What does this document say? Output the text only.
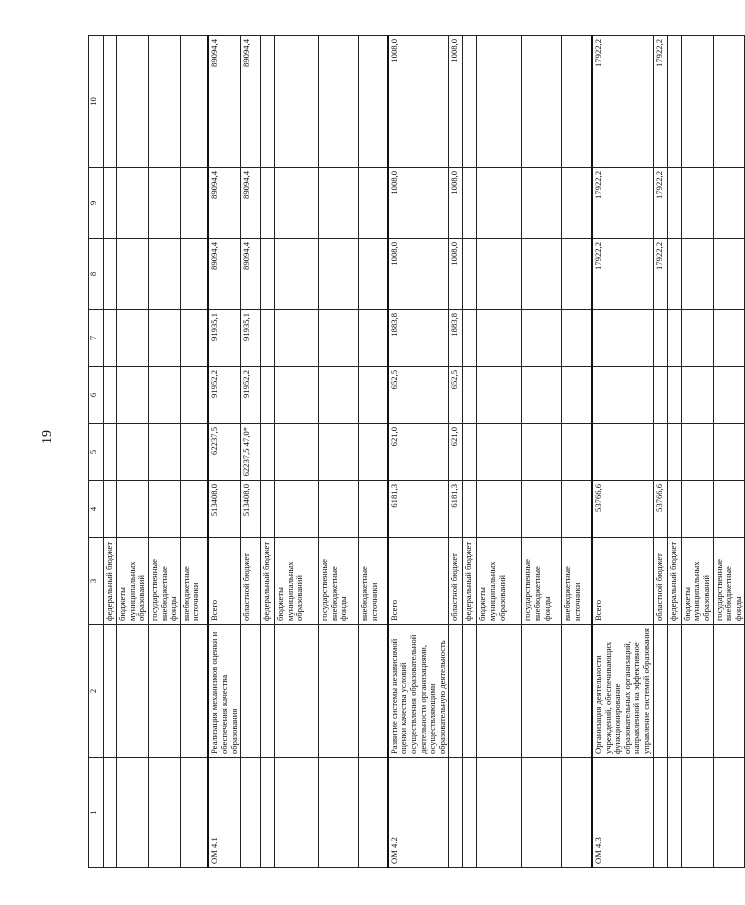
19
1	2	3	4	5	6	7	8	9	10
		федеральный бюджет							
		бюджеты муниципальных образований							
		государственные внебюджетные фонды							
		внебюджетные источники							
ОМ 4.1	Реализация механизмов оценки и обеспечения качества образования	Всего	513408,0	62237,5	91952,2	91935,1	89094,4	89094,4	89094,4
		областной бюджет	513408,0	62237,5 47,0*	91952,2	91935,1	89094,4	89094,4	89094,4
		федеральный бюджет							
		бюджеты муниципальных образований							
		государственные внебюджетные фонды							
		внебюджетные источники							
ОМ 4.2	Развитие системы независимой оценки качества условий осуществления образовательной деятельности организациями, осуществляющими образовательную деятельность	Всего	6181,3	621,0	652,5	1883,8	1008,0	1008,0	1008,0
		областной бюджет	6181,3	621,0	652,5	1883,8	1008,0	1008,0	1008,0
		федеральный бюджет							
		бюджеты муниципальных образований							
		государственные внебюджетные фонды							
		внебюджетные источники							
ОМ 4.3	Организация деятельности учреждений, обеспечивающих функционирование образовательных организаций, направленной на эффективное управление системой образования	Всего	53766,6				17922,2	17922,2	17922,2
		областной бюджет	53766,6				17922,2	17922,2	17922,2
		федеральный бюджет							
		бюджеты муниципальных образований							
		государственные внебюджетные фонды							
